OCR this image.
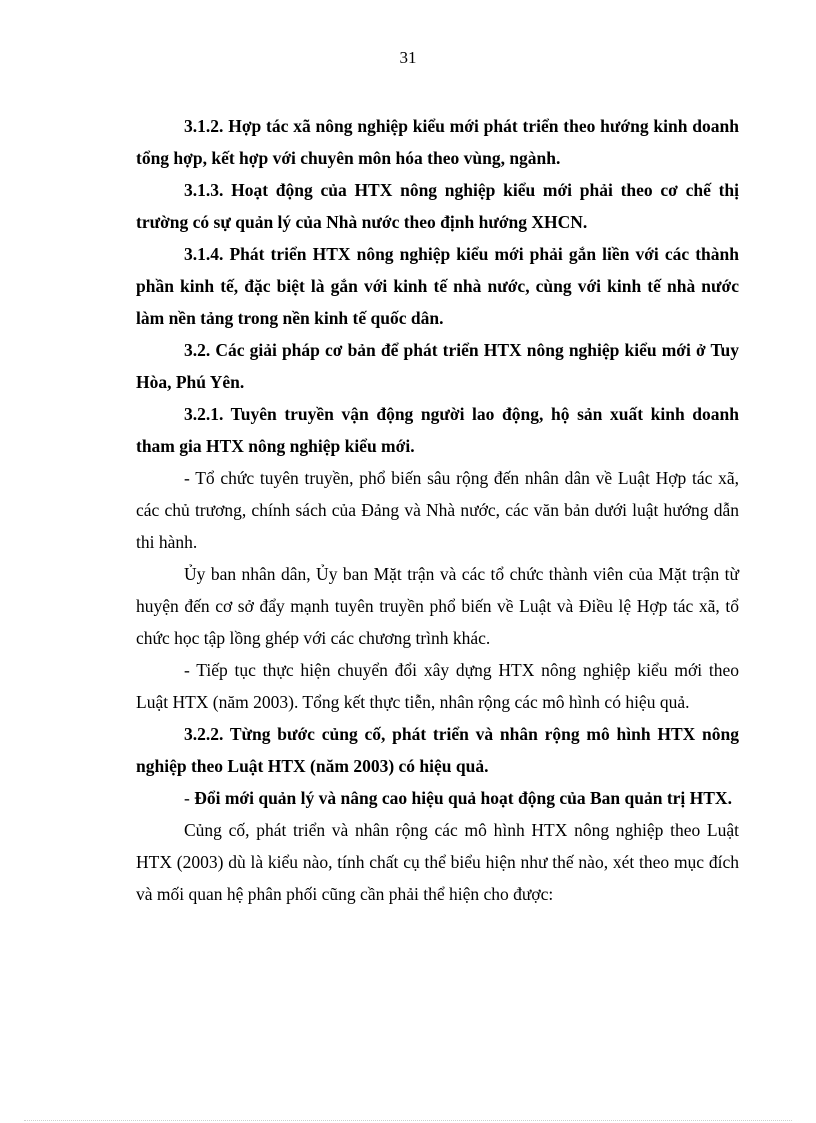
31

3.1.2. Hợp tác xã nông nghiệp kiểu mới phát triển theo hướng kinh doanh tổng hợp, kết hợp với chuyên môn hóa theo vùng, ngành.

3.1.3. Hoạt động của HTX nông nghiệp kiểu mới phải theo cơ chế thị trường có sự quản lý của Nhà nước theo định hướng XHCN.

3.1.4. Phát triển HTX nông nghiệp kiểu mới phải gắn liền với các thành phần kinh tế, đặc biệt là gắn với kinh tế nhà nước, cùng với kinh tế nhà nước làm nền tảng trong nền kinh tế quốc dân.

3.2. Các giải pháp cơ bản để phát triển HTX nông nghiệp kiểu mới ở Tuy Hòa, Phú Yên.

3.2.1. Tuyên truyền vận động người lao động, hộ sản xuất kinh doanh tham gia HTX nông nghiệp kiểu mới.

- Tổ chức tuyên truyền, phổ biến sâu rộng đến nhân dân về Luật Hợp tác xã, các chủ trương, chính sách của Đảng và Nhà nước, các văn bản dưới luật hướng dẫn thi hành.

Ủy ban nhân dân, Ủy ban Mặt trận và các tổ chức thành viên của Mặt trận từ huyện đến cơ sở đẩy mạnh tuyên truyền phổ biến về Luật và Điều lệ Hợp tác xã, tổ chức học tập lồng ghép với các chương trình khác.

- Tiếp tục thực hiện chuyển đổi xây dựng HTX nông nghiệp kiểu mới theo Luật HTX (năm 2003). Tổng kết thực tiễn, nhân rộng các mô hình có hiệu quả.

3.2.2. Từng bước củng cố, phát triển và nhân rộng mô hình HTX nông nghiệp theo Luật HTX (năm 2003) có hiệu quả.

- Đổi mới quản lý và nâng cao hiệu quả hoạt động của Ban quản trị HTX.

Củng cố, phát triển và nhân rộng các mô hình HTX nông nghiệp theo Luật HTX (2003) dù là kiểu nào, tính chất cụ thể biểu hiện như thế nào, xét theo mục đích và mối quan hệ phân phối cũng cần phải thể hiện cho được:
